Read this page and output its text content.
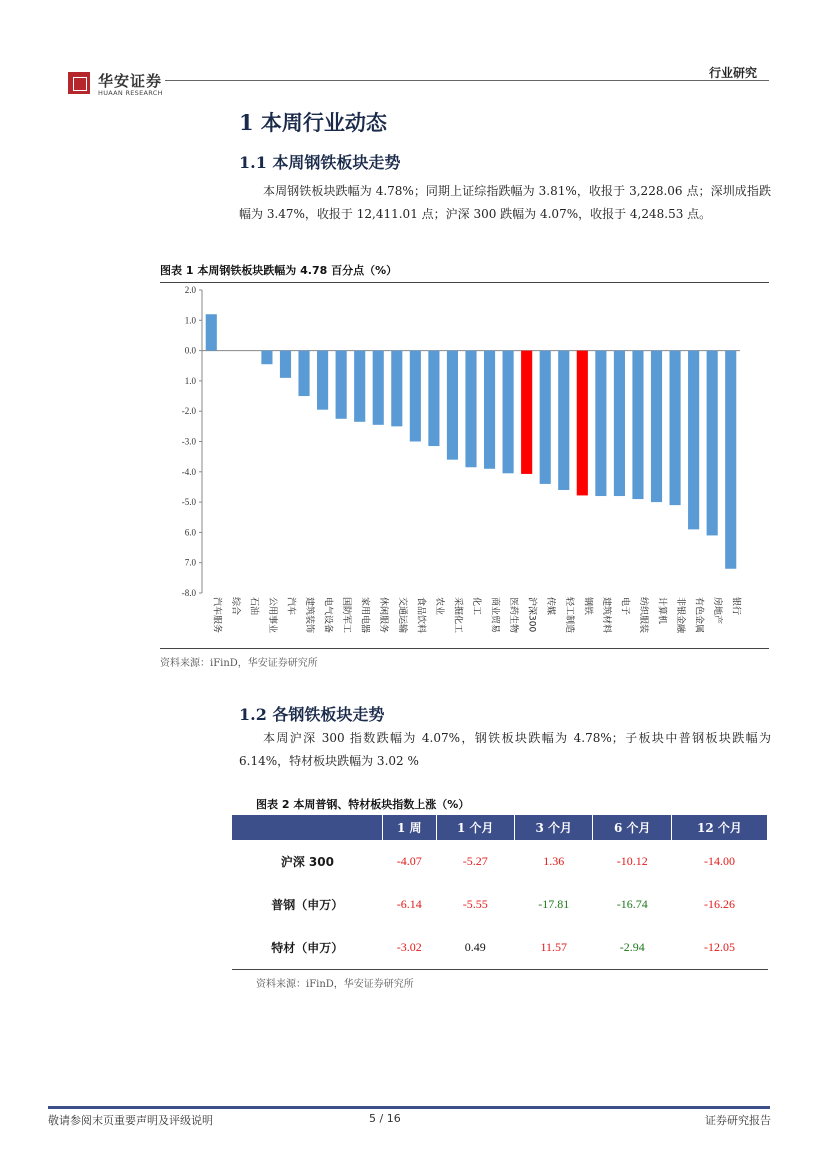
华安证券
HUAAN RESEARCH
行业研究
1 本周行业动态
1.1 本周钢铁板块走势
本周钢铁板块跌幅为 4.78%；同期上证综指跌幅为 3.81%，收报于 3,228.06 点；深圳成指跌幅为 3.47%，收报于 12,411.01 点；沪深 300 跌幅为 4.07%，收报于 4,248.53 点。
图表 1 本周钢铁板块跌幅为 4.78 百分点（%）
2.0
1.0
0.0
1.0
-2.0
-3.0
-4.0
-5.0
6.0
7.0
-8.0
汽车服务 综合 石油 公用事业 汽车 建筑装饰 电气设备 国防军工 家用电器 休闲服务 交通运输 食品饮料 农业 采掘化工 化工 商业贸易 医药生物 沪深300 传媒 轻工制造 钢铁 建筑材料 电子 纺织服装 计算机 非银金融 有色金属 房地产 银行
资料来源：iFinD，华安证券研究所
1.2 各钢铁板块走势
本周沪深 300 指数跌幅为 4.07%，钢铁板块跌幅为 4.78%；子板块中普钢板块跌幅为 6.14%，特材板块跌幅为 3.02 %
图表 2 本周普钢、特材板块指数上涨（%）
	1 周	1 个月	3 个月	6 个月	12 个月
沪深 300	-4.07	-5.27	1.36	-10.12	-14.00
普钢（申万）	-6.14	-5.55	-17.81	-16.74	-16.26
特材（申万）	-3.02	0.49	11.57	-2.94	-12.05
资料来源：iFinD，华安证券研究所
敬请参阅末页重要声明及评级说明	5 / 16	证券研究报告
